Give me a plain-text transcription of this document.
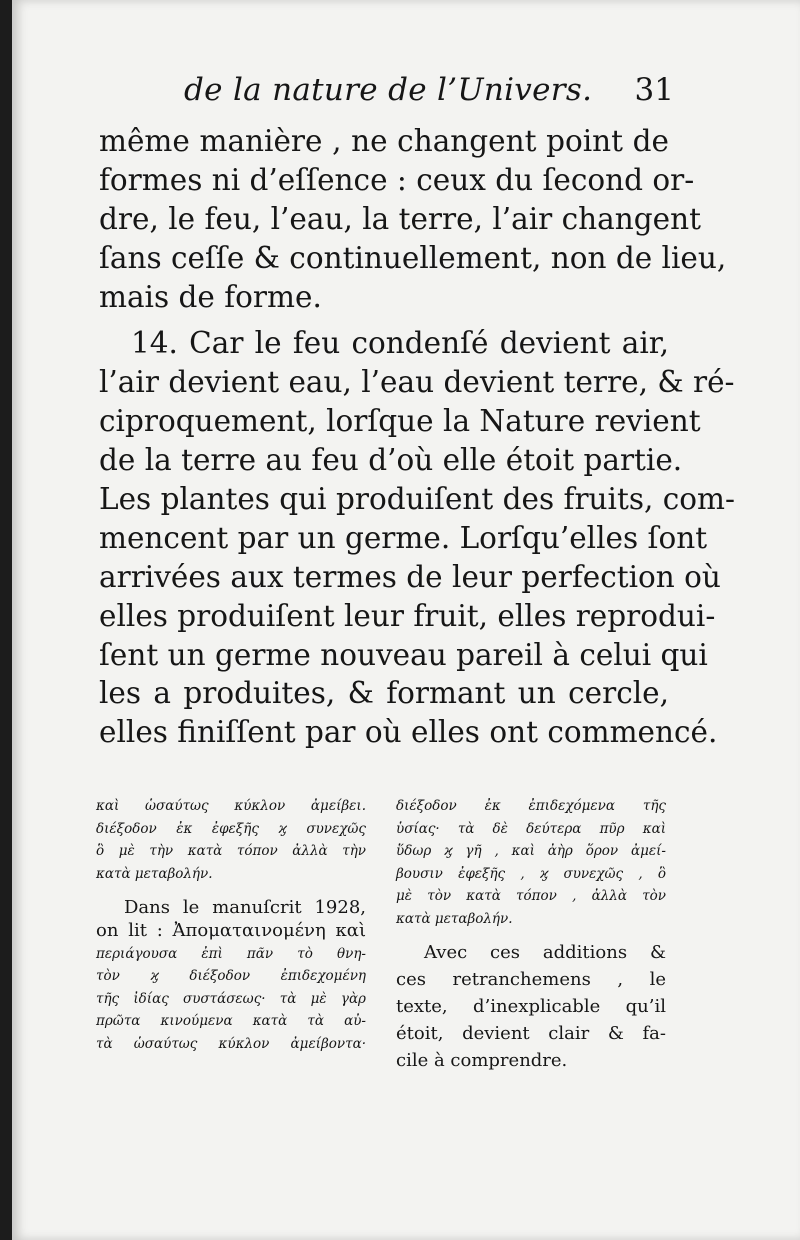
de la nature de l’Univers. 31
même manière , ne changent point de
formes ni d’eſſence : ceux du ſecond or-
dre, le feu, l’eau, la terre, l’air changent
ſans ceſſe & continuellement, non de lieu,
mais de forme.
14. Car le feu condenſé devient air,
l’air devient eau, l’eau devient terre, & ré-
ciproquement, lorſque la Nature revient
de la terre au feu d’où elle étoit partie.
Les plantes qui produiſent des fruits, com-
mencent par un germe. Lorſqu’elles ſont
arrivées aux termes de leur perfection où
elles produiſent leur fruit, elles reprodui-
ſent un germe nouveau pareil à celui qui
les a produites, & formant un cercle,
elles finiſſent par où elles ont commencé.
καὶ ὡσαύτως κύκλον ἀμείβει.
διέξοδον ἐκ ἐφεξῆς ϗ συνεχῶς
ὃ μὲ τὴν κατὰ τόπον ἀλλὰ τὴν
κατὰ μεταβολήν.
Dans le manuſcrit 1928,
on lit : Ἀποματαινομένη καὶ
περιάγουσα ἐπὶ πᾶν τὸ θνη-
τὸν ϗ διέξοδον ἐπιδεχομένη
τῆς ἰδίας συστάσεως· τὰ μὲ γὰρ
πρῶτα κινούμενα κατὰ τὰ αὐ-
τὰ ὡσαύτως κύκλον ἀμείβοντα·
διέξοδον ἐκ ἐπιδεχόμενα τῆς
ὑσίας· τὰ δὲ δεύτερα πῦρ καὶ
ὕδωρ ϗ γῆ , καὶ ἀὴρ ὅρον ἀμεί-
βουσιν ἐφεξῆς , ϗ συνεχῶς , ὃ
μὲ τὸν κατὰ τόπον , ἀλλὰ τὸν
κατὰ μεταβολήν.
Avec ces additions &
ces retranchemens , le
texte, d’inexplicable qu’il
étoit, devient clair & fa-
cile à comprendre.
